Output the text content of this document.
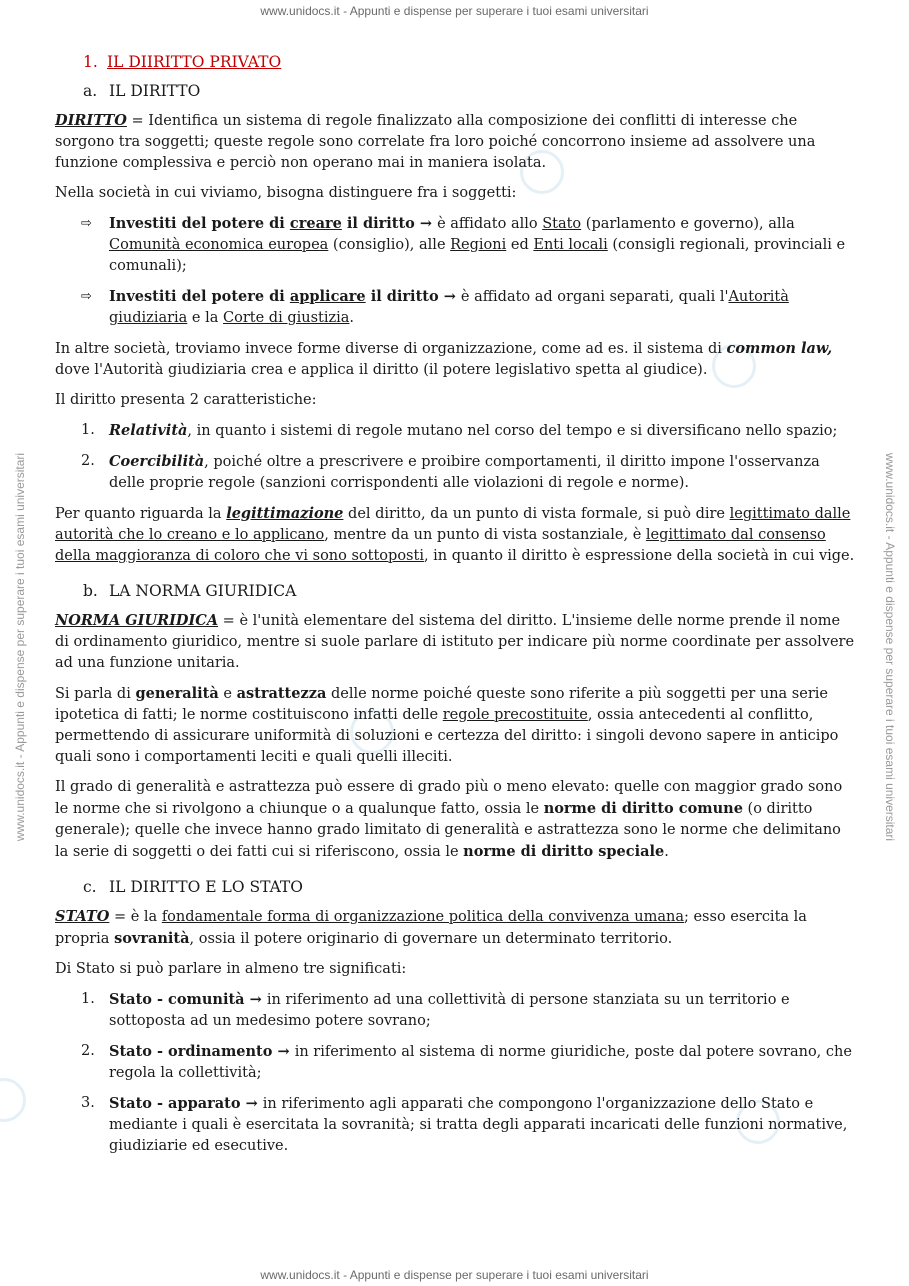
www.unidocs.it - Appunti e dispense per superare i tuoi esami universitari
www.unidocs.it - Appunti e dispense per superare i tuoi esami universitari
www.unidocs.it - Appunti e dispense per superare i tuoi esami universitari	www.unidocs.it - Appunti e dispense per superare i tuoi esami universitari
1. IL DIIRITTO PRIVATO
a. IL DIRITTO

DIRITTO = Identifica un sistema di regole finalizzato alla composizione dei conflitti di interesse che sorgono tra soggetti; queste regole sono correlate fra loro poiché concorrono insieme ad assolvere una funzione complessiva e perciò non operano mai in maniera isolata.

Nella società in cui viviamo, bisogna distinguere fra i soggetti:

⇨	Investiti del potere di creare il diritto → è affidato allo Stato (parlamento e governo), alla Comunità economica europea (consiglio), alle Regioni ed Enti locali (consigli regionali, provinciali e comunali);
⇨	Investiti del potere di applicare il diritto → è affidato ad organi separati, quali l'Autorità giudiziaria e la Corte di giustizia.

In altre società, troviamo invece forme diverse di organizzazione, come ad es. il sistema di common law, dove l'Autorità giudiziaria crea e applica il diritto (il potere legislativo spetta al giudice).

Il diritto presenta 2 caratteristiche:

1. Relatività, in quanto i sistemi di regole mutano nel corso del tempo e si diversificano nello spazio;
2. Coercibilità, poiché oltre a prescrivere e proibire comportamenti, il diritto impone l'osservanza delle proprie regole (sanzioni corrispondenti alle violazioni di regole e norme).

Per quanto riguarda la legittimazione del diritto, da un punto di vista formale, si può dire legittimato dalle autorità che lo creano e lo applicano, mentre da un punto di vista sostanziale, è legittimato dal consenso della maggioranza di coloro che vi sono sottoposti, in quanto il diritto è espressione della società in cui vige.

b. LA NORMA GIURIDICA

NORMA GIURIDICA = è l'unità elementare del sistema del diritto. L'insieme delle norme prende il nome di ordinamento giuridico, mentre si suole parlare di istituto per indicare più norme coordinate per assolvere ad una funzione unitaria.

Si parla di generalità e astrattezza delle norme poiché queste sono riferite a più soggetti per una serie ipotetica di fatti; le norme costituiscono infatti delle regole precostituite, ossia antecedenti al conflitto, permettendo di assicurare uniformità di soluzioni e certezza del diritto: i singoli devono sapere in anticipo quali sono i comportamenti leciti e quali quelli illeciti.

Il grado di generalità e astrattezza può essere di grado più o meno elevato: quelle con maggior grado sono le norme che si rivolgono a chiunque o a qualunque fatto, ossia le norme di diritto comune (o diritto generale); quelle che invece hanno grado limitato di generalità e astrattezza sono le norme che delimitano la serie di soggetti o dei fatti cui si riferiscono, ossia le norme di diritto speciale.

c. IL DIRITTO E LO STATO

STATO = è la fondamentale forma di organizzazione politica della convivenza umana; esso esercita la propria sovranità, ossia il potere originario di governare un determinato territorio.

Di Stato si può parlare in almeno tre significati:

1. Stato - comunità → in riferimento ad una collettività di persone stanziata su un territorio e sottoposta ad un medesimo potere sovrano;
2. Stato - ordinamento → in riferimento al sistema di norme giuridiche, poste dal potere sovrano, che regola la collettività;
3. Stato - apparato → in riferimento agli apparati che compongono l'organizzazione dello Stato e mediante i quali è esercitata la sovranità; si tratta degli apparati incaricati delle funzioni normative, giudiziarie ed esecutive.
